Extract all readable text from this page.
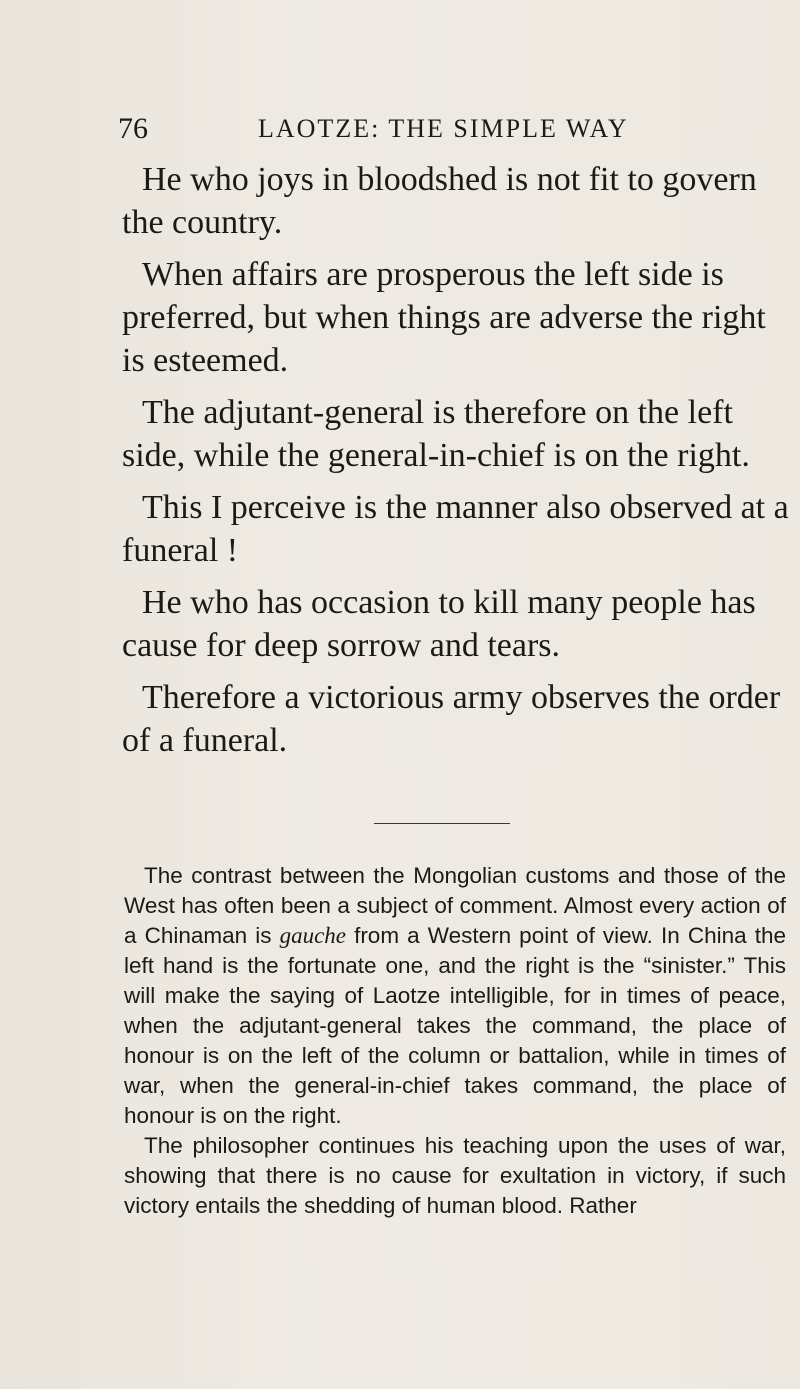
76	LAOTZE: THE SIMPLE WAY

He who joys in bloodshed is not fit to govern the country.

When affairs are prosperous the left side is preferred, but when things are adverse the right is esteemed.

The adjutant-general is therefore on the left side, while the general-in-chief is on the right.

This I perceive is the manner also observed at a funeral !

He who has occasion to kill many people has cause for deep sorrow and tears.

Therefore a victorious army observes the order of a funeral.

The contrast between the Mongolian customs and those of the West has often been a subject of comment. Almost every action of a Chinaman is gauche from a Western point of view. In China the left hand is the fortunate one, and the right is the “sinister.” This will make the saying of Laotze intelligible, for in times of peace, when the adjutant-general takes the command, the place of honour is on the left of the column or battalion, while in times of war, when the general-in-chief takes command, the place of honour is on the right.

The philosopher continues his teaching upon the uses of war, showing that there is no cause for exultation in victory, if such victory entails the shedding of human blood. Rather
